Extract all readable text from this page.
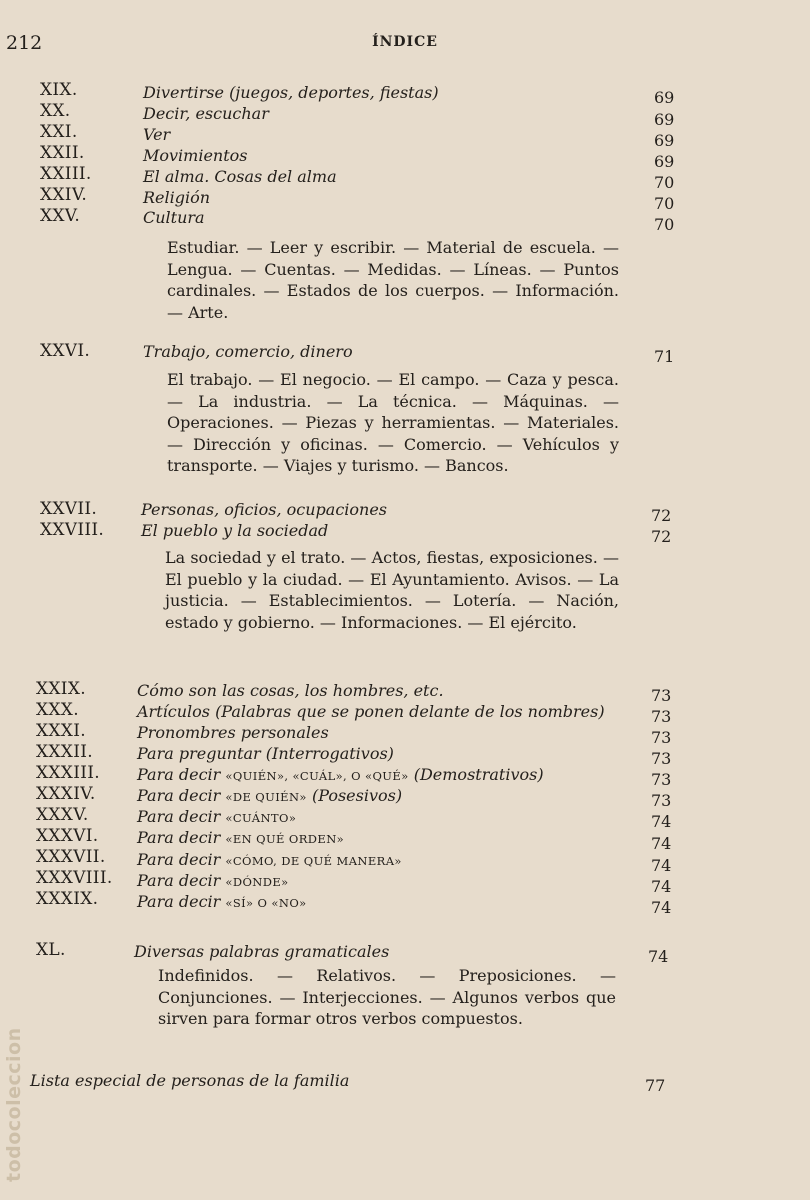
212	ÍNDICE
XIX.	Divertirse (juegos, deportes, fiestas)	69
XX.	Decir, escuchar	69
XXI.	Ver	69
XXII.	Movimientos	69
XXIII.	El alma. Cosas del alma	70
XXIV.	Religión	70
XXV.	Cultura	70
Estudiar. — Leer y escribir. — Material de escuela. — Lengua. — Cuentas. — Medidas. — Líneas. — Puntos cardinales. — Estados de los cuerpos. — Información. — Arte.
XXVI.	Trabajo, comercio, dinero	71
El trabajo. — El negocio. — El campo. — Caza y pesca. — La industria. — La técnica. — Máquinas. — Operaciones. — Piezas y herramientas. — Materiales. — Dirección y oficinas. — Comercio. — Vehículos y transporte. — Viajes y turismo. — Bancos.
XXVII.	Personas, oficios, ocupaciones	72
XXVIII. El pueblo y la sociedad	72
La sociedad y el trato. — Actos, fiestas, exposiciones. — El pueblo y la ciudad. — El Ayuntamiento. Avisos. — La justicia. — Establecimientos. — Lotería. — Nación, estado y gobierno. — Informaciones. — El ejército.
XXIX.	Cómo son las cosas, los hombres, etc.	73
XXX.	Artículos (Palabras que se ponen delante de los nombres)	73
XXXI.	Pronombres personales	73
XXXII.	Para preguntar (Interrogativos)	73
XXXIII. Para decir «QUIÉN», «CUÁL», O «QUÉ» (Demostrativos)	73
XXXIV.	Para decir «DE QUIÉN» (Posesivos)	73
XXXV.	Para decir «CUÁNTO»	74
XXXVI. Para decir «EN QUÉ ORDEN»	74
XXXVII. Para decir «CÓMO, DE QUÉ MANERA»	74
XXXVIII. Para decir «DÓNDE»	74
XXXIX. Para decir «SÍ» O «NO»	74
XL.	Diversas palabras gramaticales	74
Indefinidos. — Relativos. — Preposiciones. — Conjunciones. — Interjecciones. — Algunos verbos que sirven para formar otros verbos compuestos.
Lista especial de personas de la familia	77
todocoleccion
